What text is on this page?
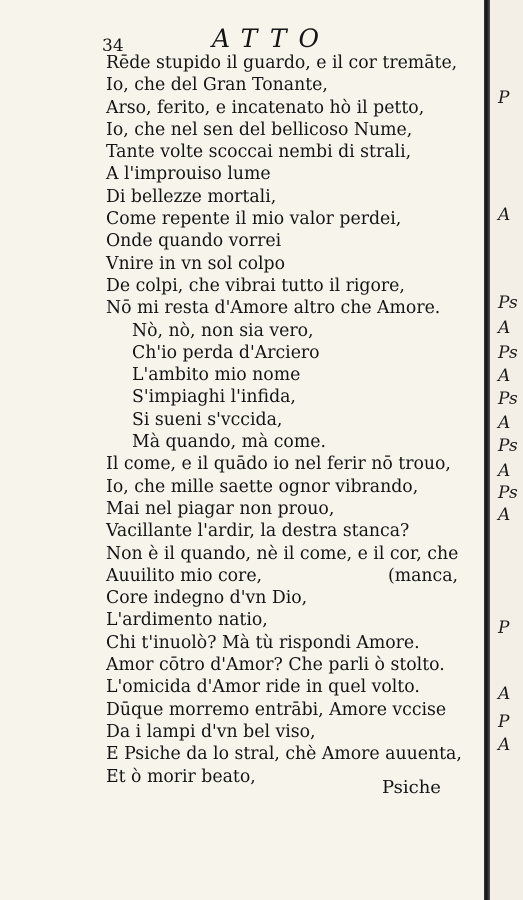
34	ATTO
Rēde stupido il guardo, e il cor tremāte,
Io, che del Gran Tonante,
Arso, ferito, e incatenato hò il petto,
Io, che nel sen del bellicoso Nume,
Tante volte scoccai nembi di strali,
A l'improuiso lume
Di bellezze mortali,
Come repente il mio valor perdei,
Onde quando vorrei
Vnire in vn sol colpo
De colpi, che vibrai tutto il rigore,
Nō mi resta d'Amore altro che Amore.
Nò, nò, non sia vero,
Ch'io perda d'Arciero
L'ambito mio nome
S'impiaghi l'infida,
Si sueni s'vccida,
Mà quando, mà come.
Il come, e il quādo io nel ferir nō trouo,
Io, che mille saette ognor vibrando,
Mai nel piagar non prouo,
Vacillante l'ardir, la destra stanca?
Non è il quando, nè il come, e il cor, che
Auuilito mio core,	(manca,
Core indegno d'vn Dio,
L'ardimento natio,
Chi t'inuolò? Mà tù rispondi Amore.
Amor cōtro d'Amor? Che parli ò stolto.
L'omicida d'Amor ride in quel volto.
Dūque morremo entrābi, Amore vccise
Da i lampi d'vn bel viso,
E Psiche da lo stral, chè Amore auuenta,
Et ò morir beato,
Psiche
P
A
Ps
A
Ps
A
Ps
A
Ps
A
Ps
A
P
A
P
A
